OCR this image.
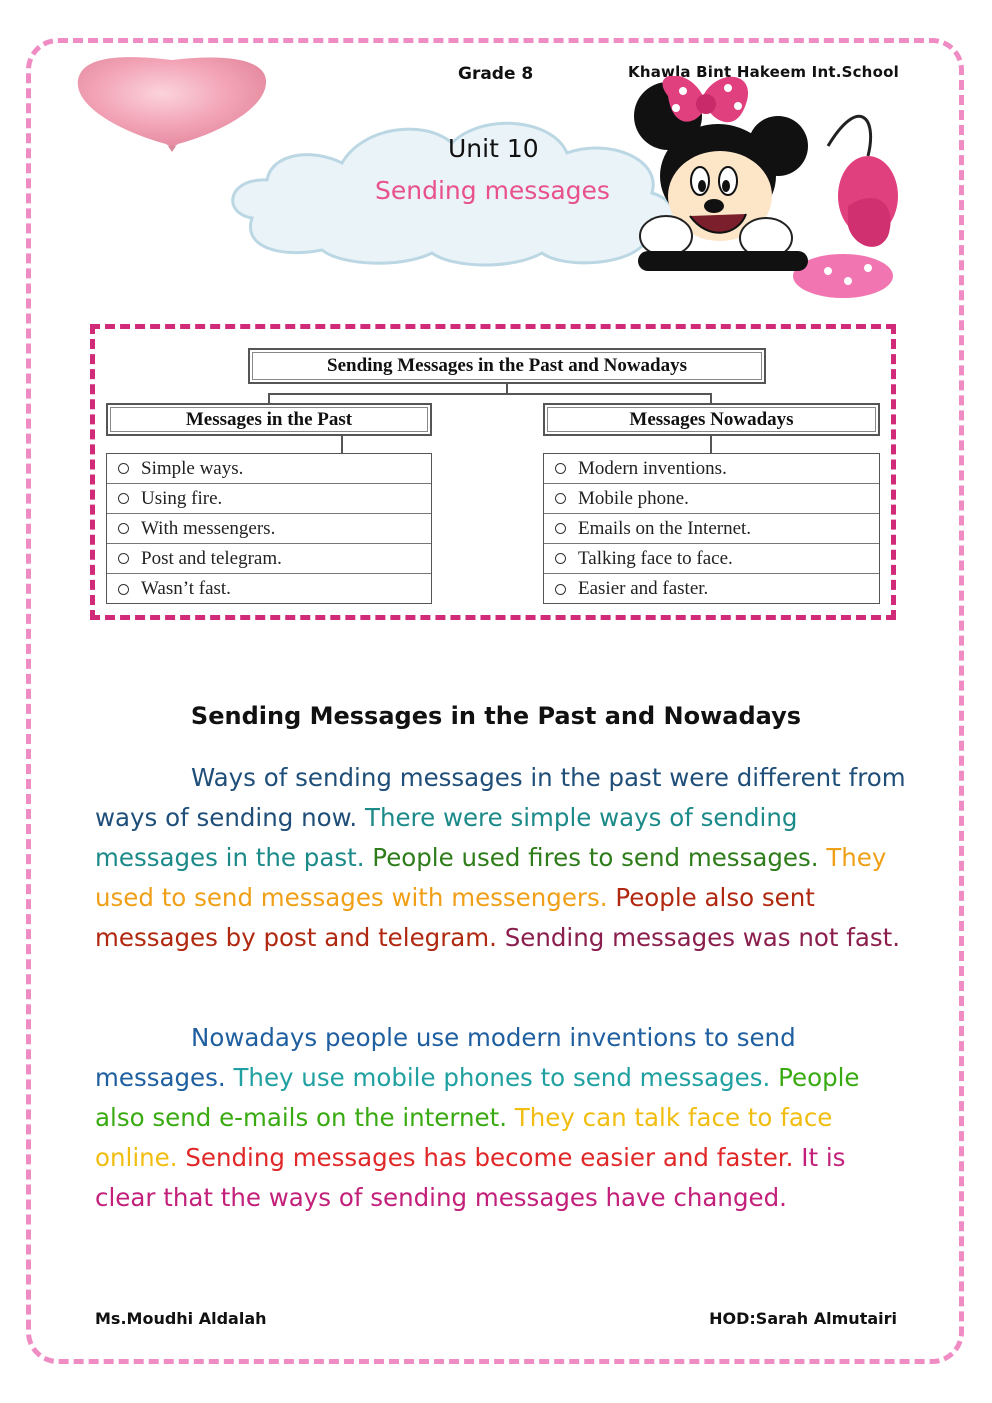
Grade 8	Khawla Bint Hakeem Int.School
Unit 10
Sending messages
Sending Messages in the Past and Nowadays
Messages in the Past	Messages Nowadays
Simple ways.
Using fire.
With messengers.
Post and telegram.
Wasn’t fast.
Modern inventions.
Mobile phone.
Emails on the Internet.
Talking face to face.
Easier and faster.
Sending Messages in the Past and Nowadays
Ways of sending messages in the past were different from ways of sending now. There were simple ways of sending messages in the past. People used fires to send messages. They used to send messages with messengers. People also sent messages by post and telegram. Sending messages was not fast.
Nowadays people use modern inventions to send messages. They use mobile phones to send messages. People also send e-mails on the internet. They can talk face to face online. Sending messages has become easier and faster. It is clear that the ways of sending messages have changed.
Ms.Moudhi Aldalah	HOD:Sarah Almutairi
